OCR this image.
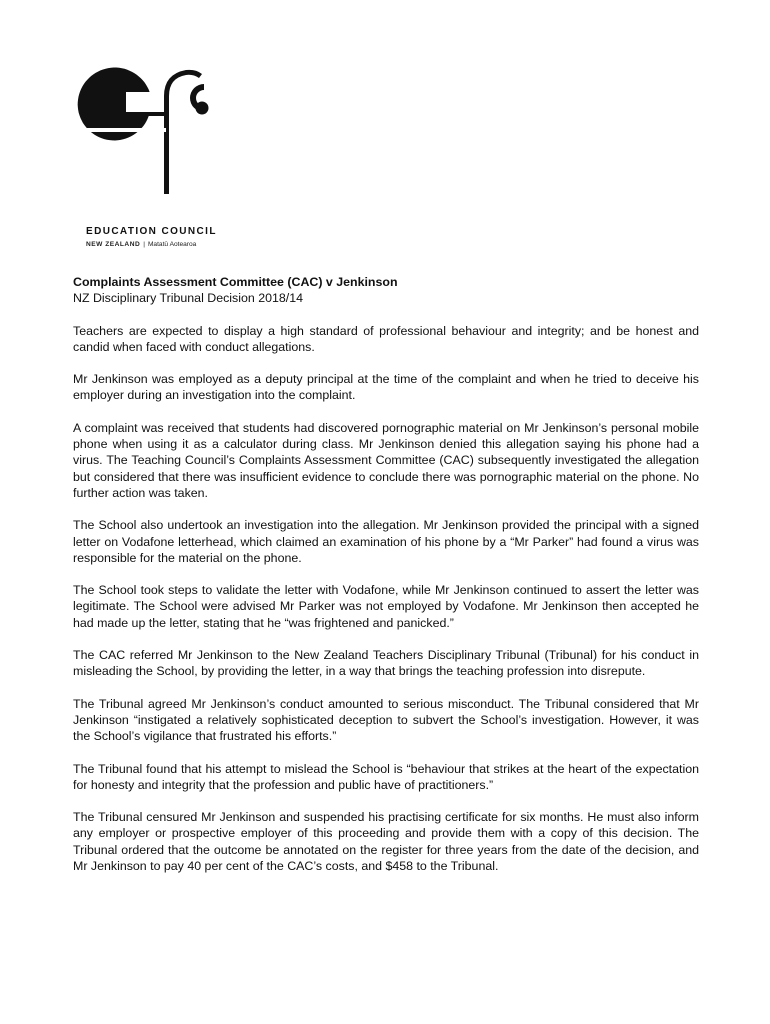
EDUCATION COUNCIL
NEW ZEALAND | Matatū Aotearoa

Complaints Assessment Committee (CAC) v Jenkinson

NZ Disciplinary Tribunal Decision 2018/14

Teachers are expected to display a high standard of professional behaviour and integrity; and be honest and candid when faced with conduct allegations.

Mr Jenkinson was employed as a deputy principal at the time of the complaint and when he tried to deceive his employer during an investigation into the complaint.

A complaint was received that students had discovered pornographic material on Mr Jenkinson’s personal mobile phone when using it as a calculator during class. Mr Jenkinson denied this allegation saying his phone had a virus. The Teaching Council’s Complaints Assessment Committee (CAC) subsequently investigated the allegation but considered that there was insufficient evidence to conclude there was pornographic material on the phone. No further action was taken.

The School also undertook an investigation into the allegation. Mr Jenkinson provided the principal with a signed letter on Vodafone letterhead, which claimed an examination of his phone by a “Mr Parker” had found a virus was responsible for the material on the phone.

The School took steps to validate the letter with Vodafone, while Mr Jenkinson continued to assert the letter was legitimate. The School were advised Mr Parker was not employed by Vodafone. Mr Jenkinson then accepted he had made up the letter, stating that he “was frightened and panicked.”

The CAC referred Mr Jenkinson to the New Zealand Teachers Disciplinary Tribunal (Tribunal) for his conduct in misleading the School, by providing the letter, in a way that brings the teaching profession into disrepute.

The Tribunal agreed Mr Jenkinson’s conduct amounted to serious misconduct. The Tribunal considered that Mr Jenkinson “instigated a relatively sophisticated deception to subvert the School’s investigation. However, it was the School’s vigilance that frustrated his efforts.”

The Tribunal found that his attempt to mislead the School is “behaviour that strikes at the heart of the expectation for honesty and integrity that the profession and public have of practitioners.”

The Tribunal censured Mr Jenkinson and suspended his practising certificate for six months. He must also inform any employer or prospective employer of this proceeding and provide them with a copy of this decision. The Tribunal ordered that the outcome be annotated on the register for three years from the date of the decision, and Mr Jenkinson to pay 40 per cent of the CAC’s costs, and $458 to the Tribunal.
